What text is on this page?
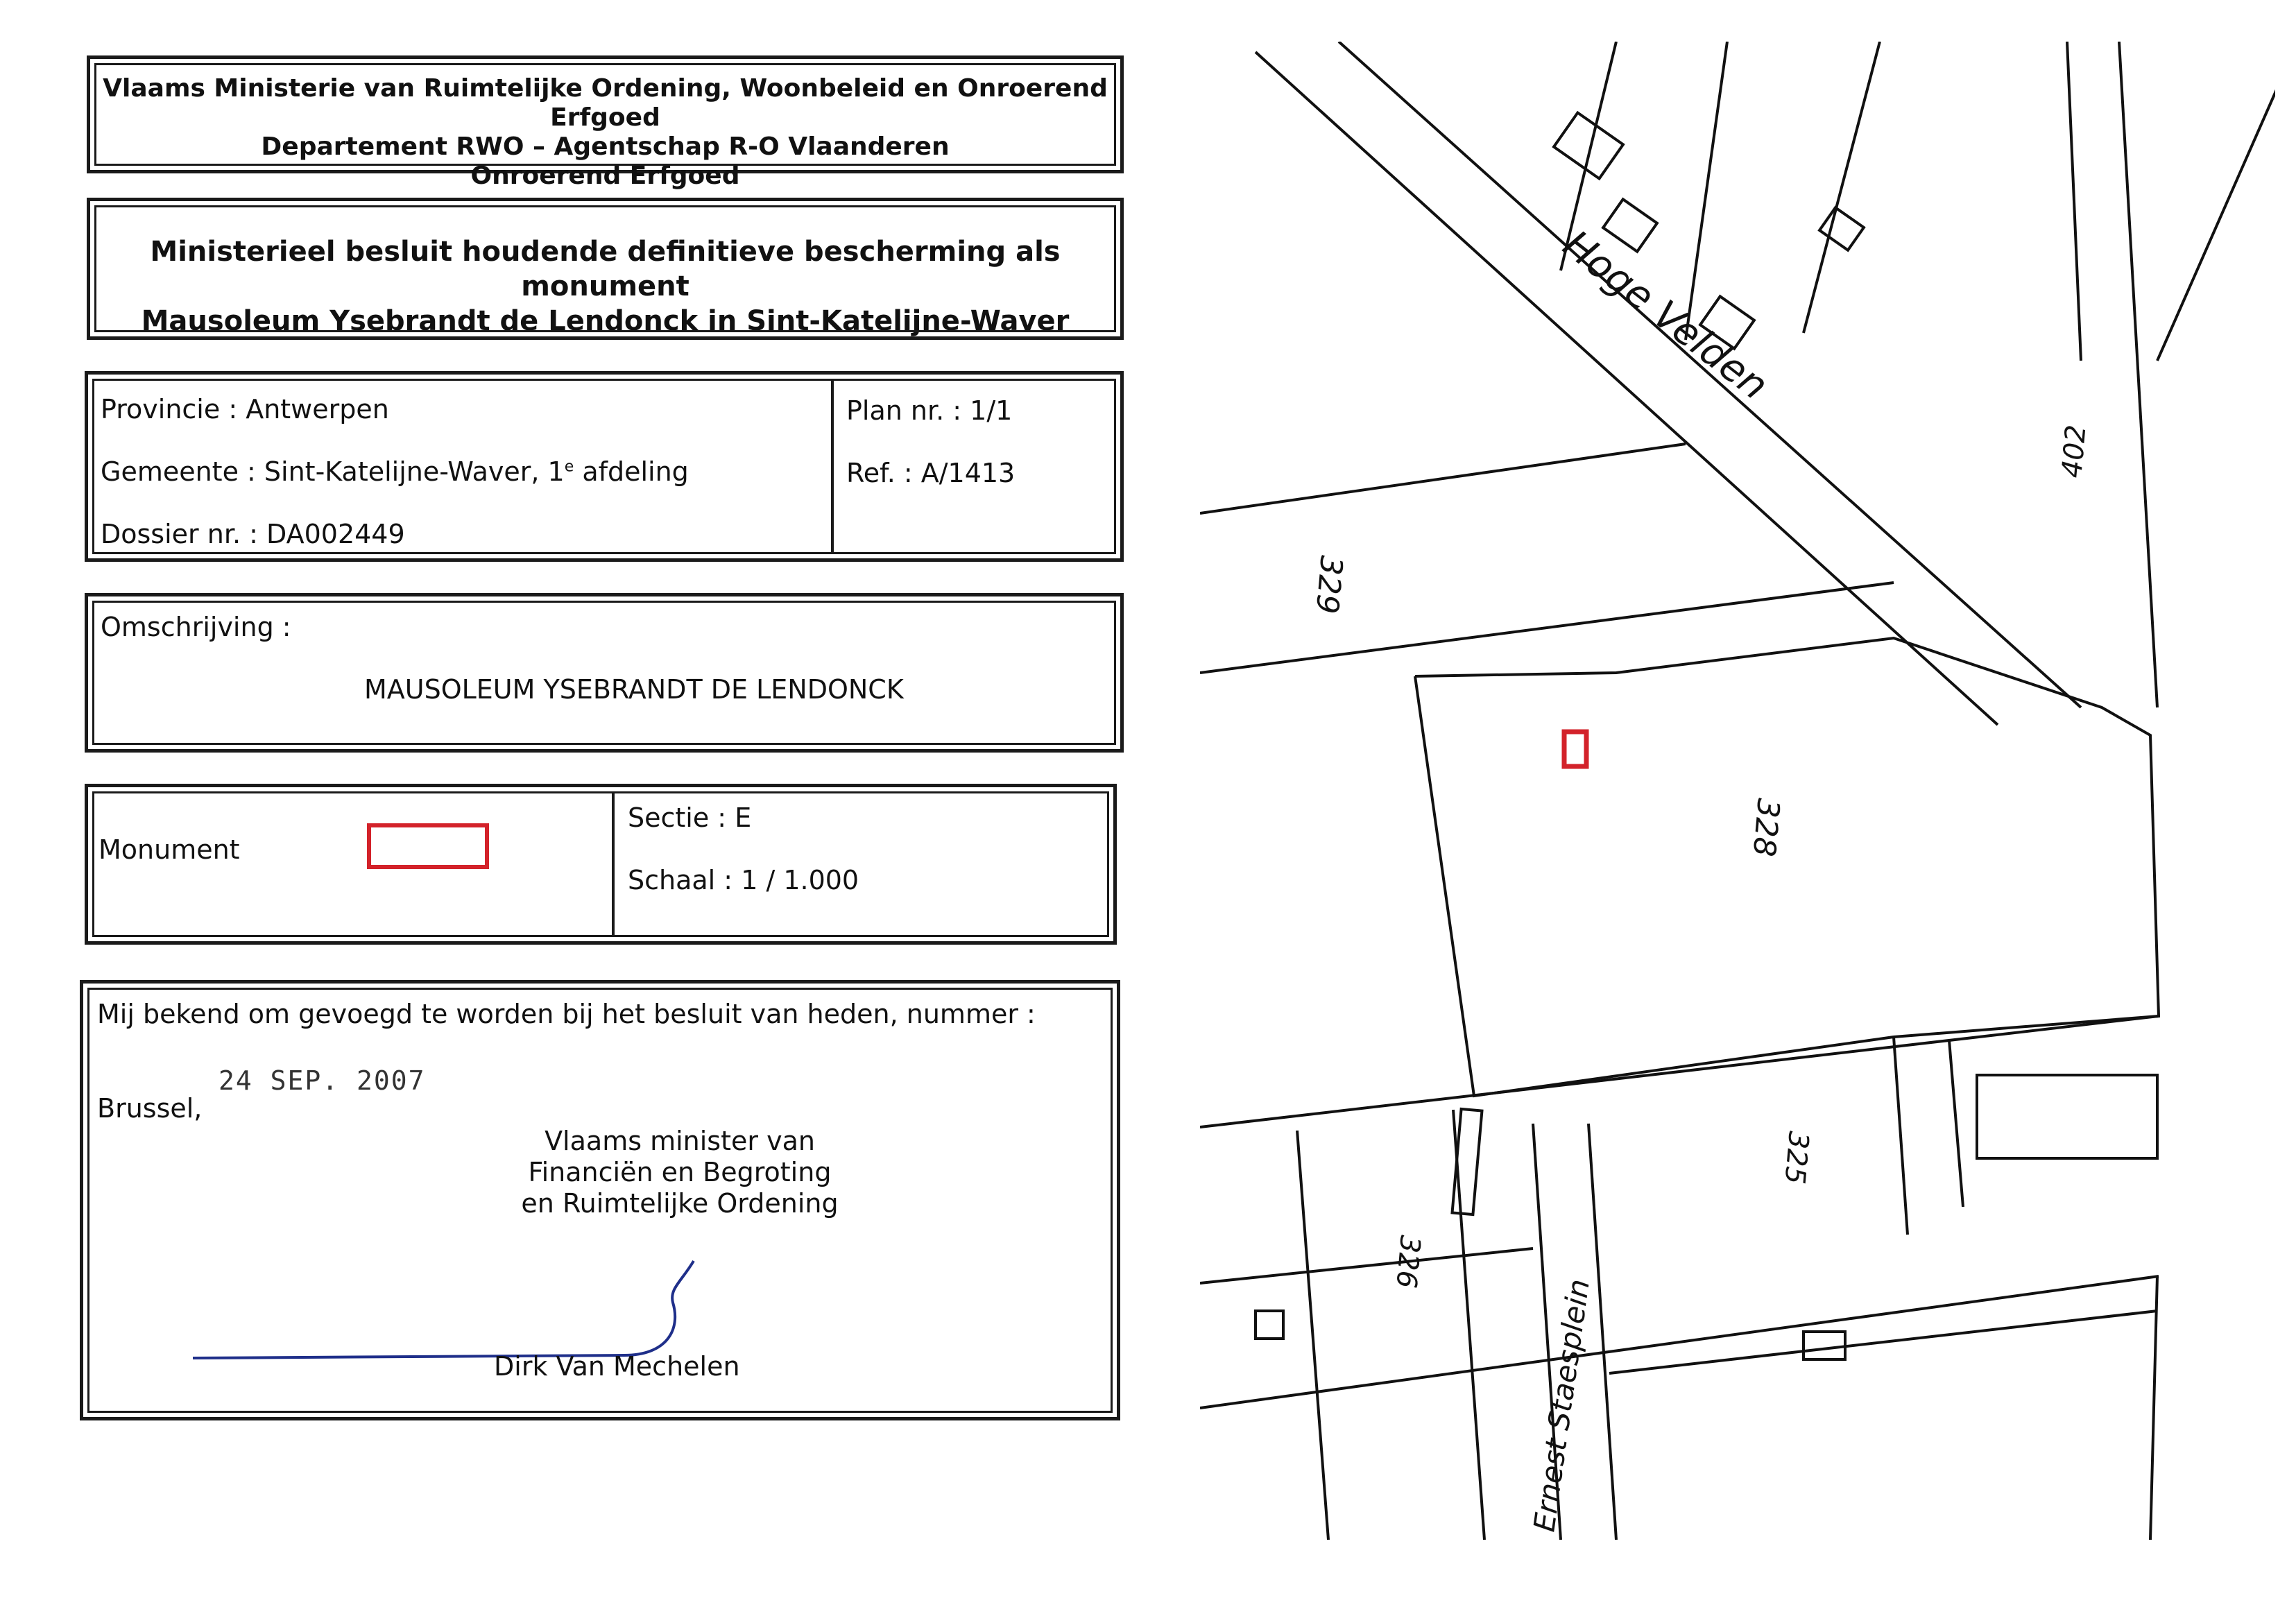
Vlaams Ministerie van Ruimtelijke Ordening, Woonbeleid en Onroerend Erfgoed
Departement RWO – Agentschap R-O Vlaanderen
Onroerend Erfgoed
Ministerieel besluit houdende definitieve bescherming als monument
Mausoleum Ysebrandt de Lendonck in Sint-Katelijne-Waver
Provincie : Antwerpen
Gemeente : Sint-Katelijne-Waver, 1e afdeling
Dossier nr. : DA002449
Plan nr. : 1/1
Ref. : A/1413
Omschrijving :
MAUSOLEUM YSEBRANDT DE LENDONCK
Monument
Sectie : E
Schaal : 1 / 1.000
Mij bekend om gevoegd te worden bij het besluit van heden, nummer :
24 SEP. 2007
Brussel,
Vlaams minister van
Financiën en Begroting
en Ruimtelijke Ordening
Dirk Van Mechelen
Hoge Velden
Ernest Staesplein
329
328
325
326
402
